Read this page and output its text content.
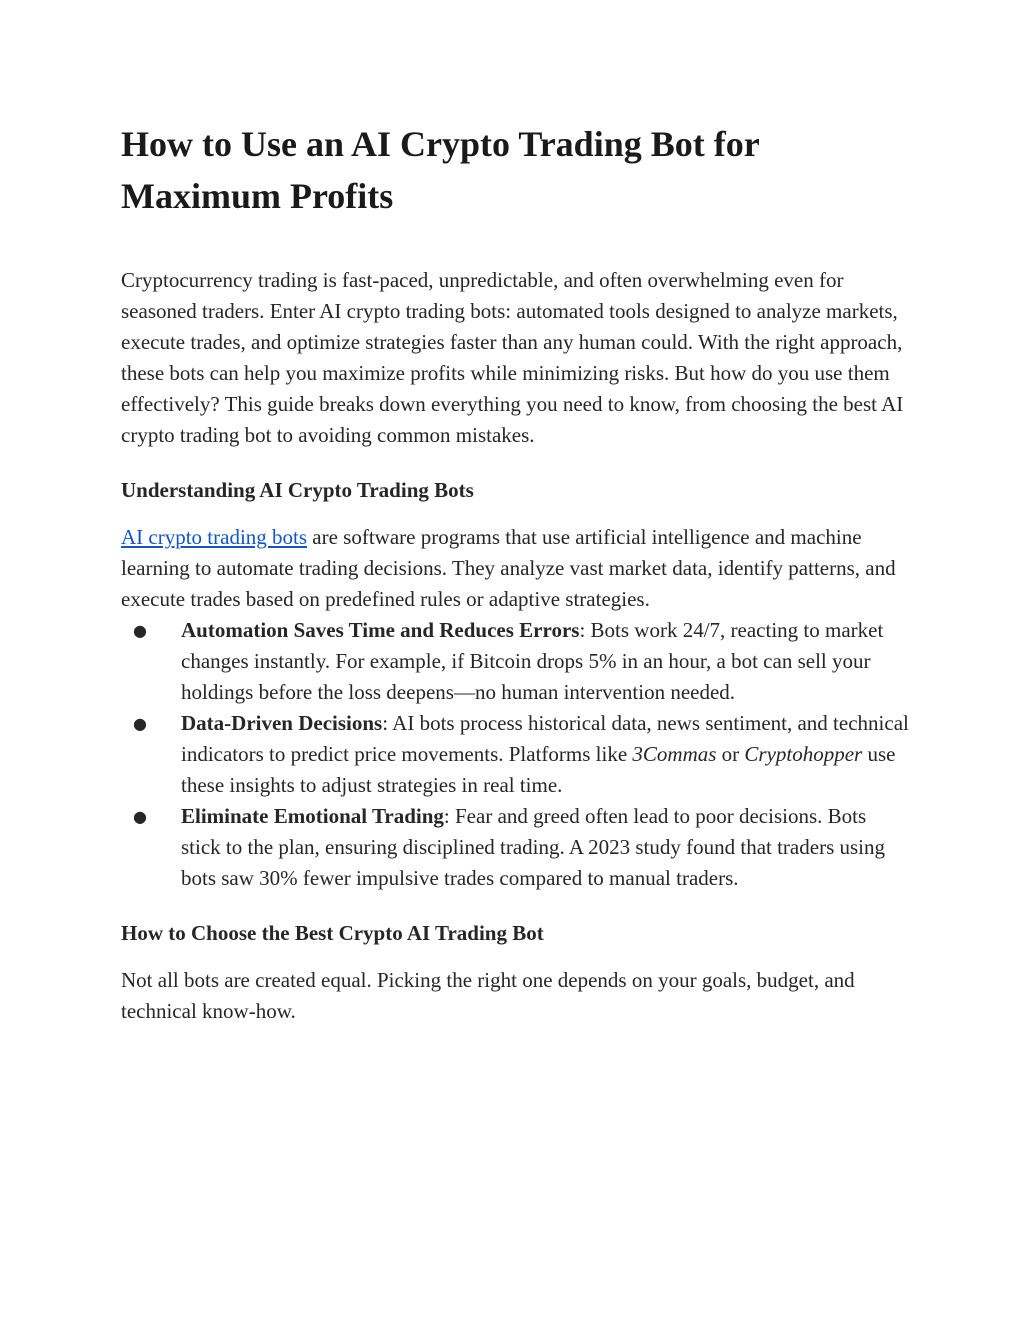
How to Use an AI Crypto Trading Bot for Maximum Profits

Cryptocurrency trading is fast-paced, unpredictable, and often overwhelming even for seasoned traders. Enter AI crypto trading bots: automated tools designed to analyze markets, execute trades, and optimize strategies faster than any human could. With the right approach, these bots can help you maximize profits while minimizing risks. But how do you use them effectively? This guide breaks down everything you need to know, from choosing the best AI crypto trading bot to avoiding common mistakes.

Understanding AI Crypto Trading Bots

AI crypto trading bots are software programs that use artificial intelligence and machine learning to automate trading decisions. They analyze vast market data, identify patterns, and execute trades based on predefined rules or adaptive strategies.

● Automation Saves Time and Reduces Errors: Bots work 24/7, reacting to market changes instantly. For example, if Bitcoin drops 5% in an hour, a bot can sell your holdings before the loss deepens—no human intervention needed.
● Data-Driven Decisions: AI bots process historical data, news sentiment, and technical indicators to predict price movements. Platforms like 3Commas or Cryptohopper use these insights to adjust strategies in real time.
● Eliminate Emotional Trading: Fear and greed often lead to poor decisions. Bots stick to the plan, ensuring disciplined trading. A 2023 study found that traders using bots saw 30% fewer impulsive trades compared to manual traders.
How to Choose the Best Crypto AI Trading Bot

Not all bots are created equal. Picking the right one depends on your goals, budget, and technical know-how.
